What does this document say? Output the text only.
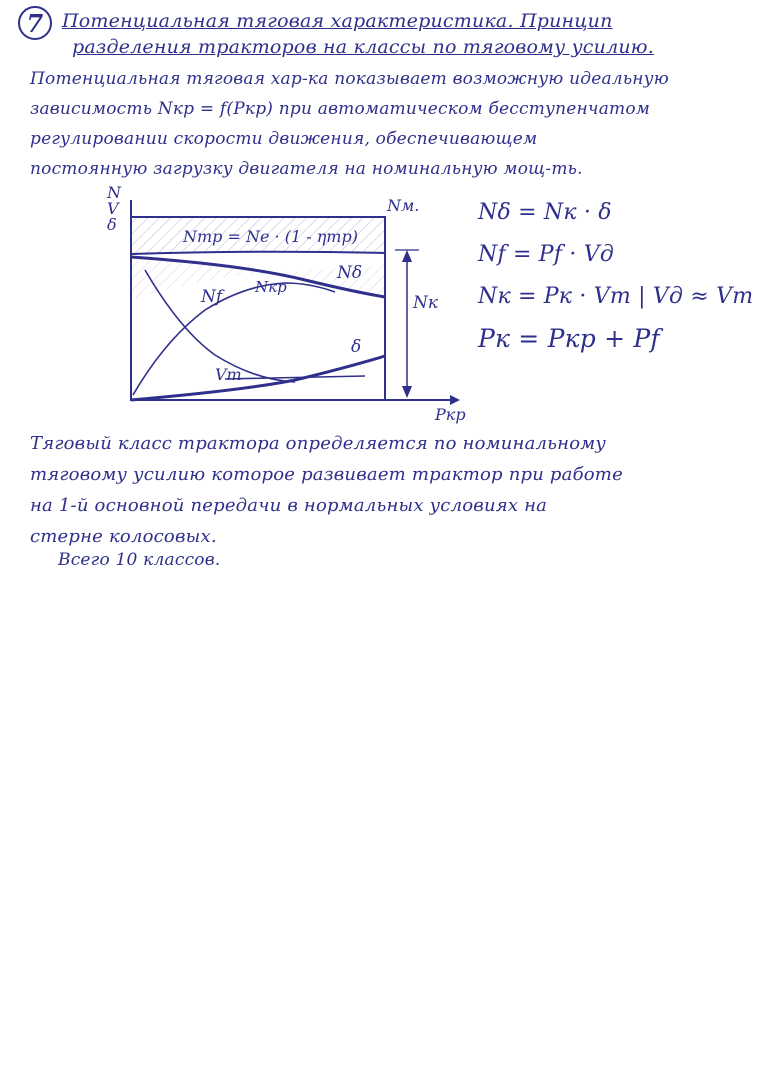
7 Потенциальная тяговая характеристика. Принцип
разделения тракторов на классы по тяговому усилию.
Потенциальная тяговая хар-ка показывает возможную идеальную
зависимость Nкр = f(Pкр) при автоматическом бесступенчатом
регулировании скорости движения, обеспечивающем
постоянную загрузку двигателя на номинальную мощ-ть.
N
V
δ
Nм.
Nтр = Ne · (1 - ηтр)
Nf Nкр
Nδ
Vт
δ
Nк
Pкр
Nδ = Nк · δ
Nf = Pf · Vд
Nк = Pк · Vт | Vд ≈ Vт
Pк = Pкр + Pf
Тяговый класс трактора определяется по номинальному
тяговому усилию которое развивает трактор при работе
на 1-й основной передачи в нормальных условиях на
стерне колосовых.
Всего 10 классов.
